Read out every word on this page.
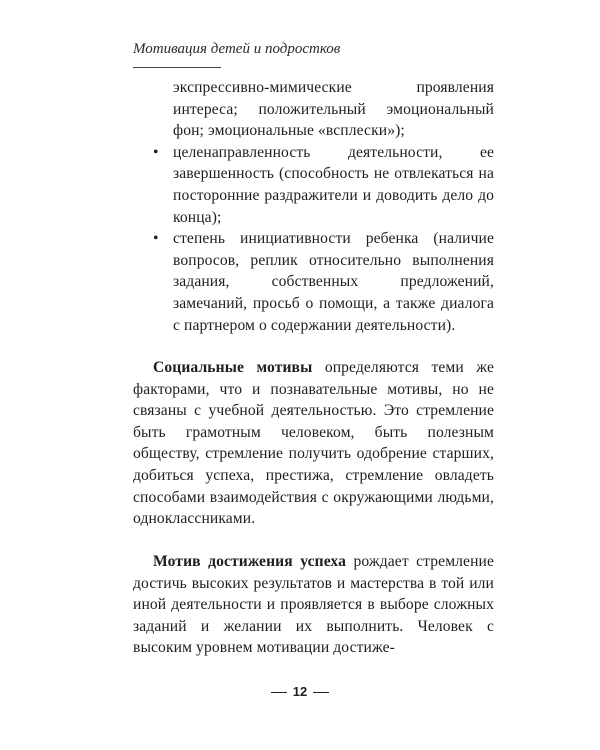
Мотивация детей и подростков
экспрессивно-мимические проявления интереса; положительный эмоциональный фон; эмоциональные «всплески»);
• целенаправленность деятельности, ее завершенность (способность не отвлекаться на посторонние раздражители и доводить дело до конца);
• степень инициативности ребенка (наличие вопросов, реплик относительно выполнения задания, собственных предложений, замечаний, просьб о помощи, а также диалога с партнером о содержании деятельности).

Социальные мотивы определяются теми же факторами, что и познавательные мотивы, но не связаны с учебной деятельностью. Это стремление быть грамотным человеком, быть полезным обществу, стремление получить одобрение старших, добиться успеха, престижа, стремление овладеть способами взаимодействия с окружающими людьми, одноклассниками.

Мотив достижения успеха рождает стремление достичь высоких результатов и мастерства в той или иной деятельности и проявляется в выборе сложных заданий и желании их выполнить. Человек с высоким уровнем мотивации достиже-

12
